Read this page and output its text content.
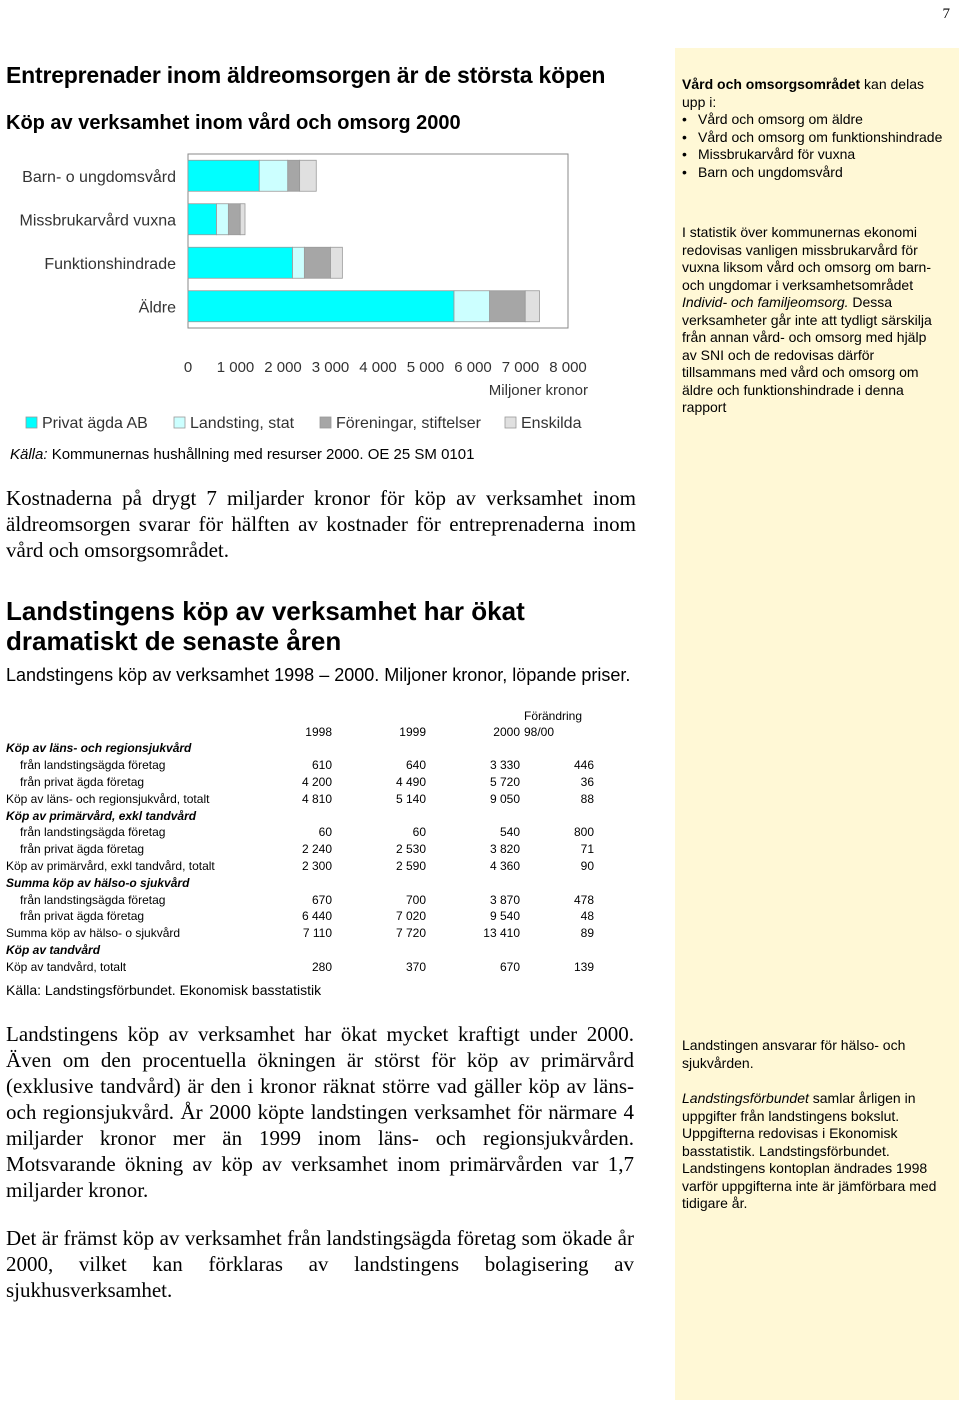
7
Entreprenader inom äldreomsorgen är de största köpen
Köp av verksamhet inom vård och omsorg 2000
Barn- o ungdomsvård
Missbrukarvård vuxna
Funktionshindrade
Äldre
0 1 000 2 000 3 000 4 000 5 000 6 000 7 000 8 000
Miljoner kronor
Privat ägda AB	Landsting, stat	Föreningar, stiftelser	Enskilda
Källa: Kommunernas hushållning med resurser 2000. OE 25 SM 0101
Kostnaderna på drygt 7 miljarder kronor för köp av verksamhet inom äldreomsorgen svarar för hälften av kostnader för entreprenaderna inom vård och omsorgsområdet.
Landstingens köp av verksamhet har ökat dramatiskt de senaste åren
Landstingens köp av verksamhet 1998 – 2000. Miljoner kronor, löpande priser.
				Förändring
	1998	1999	2000	98/00
Köp av läns- och regionsjukvård				
från landstingsägda företag	610	640	3 330	446
från privat ägda företag	4 200	4 490	5 720	36
Köp av läns- och regionsjukvård, totalt	4 810	5 140	9 050	88
Köp av primärvård, exkl tandvård				
från landstingsägda företag	60	60	540	800
från privat ägda företag	2 240	2 530	3 820	71
Köp av primärvård, exkl tandvård, totalt	2 300	2 590	4 360	90
Summa köp av hälso-o sjukvård				
från landstingsägda företag	670	700	3 870	478
från privat ägda företag	6 440	7 020	9 540	48
Summa köp av hälso- o sjukvård	7 110	7 720	13 410	89
Köp av tandvård				
Köp av tandvård, totalt	280	370	670	139
Källa: Landstingsförbundet. Ekonomisk basstatistik
Landstingens köp av verksamhet har ökat mycket kraftigt under 2000. Även om den procentuella ökningen är störst för köp av primärvård (exklusive tandvård) är den i kronor räknat större vad gäller köp av läns- och regionsjukvård. År 2000 köpte landstingen verksamhet för närmare 4 miljarder kronor mer än 1999 inom läns- och regionsjukvården. Motsvarande ökning av köp av verksamhet inom primärvården var 1,7 miljarder kronor.
Det är främst köp av verksamhet från landstingsägda företag som ökade år 2000, vilket kan förklaras av landstingens bolagisering av sjukhusverksamhet.
Vård och omsorgsområdet kan delas upp i:
• Vård och omsorg om äldre
• Vård och omsorg om funktionshindrade
• Missbrukarvård för vuxna
• Barn och ungdomsvård
I statistik över kommunernas ekonomi redovisas vanligen missbrukarvård för vuxna liksom vård och omsorg om barn- och ungdomar i verksamhetsområdet Individ- och familjeomsorg. Dessa verksamheter går inte att tydligt särskilja från annan vård- och omsorg med hjälp av SNI och de redovisas därför tillsammans med vård och omsorg om äldre och funktionshindrade i denna rapport
Landstingen ansvarar för hälso- och sjukvården.
Landstingsförbundet samlar årligen in uppgifter från landstingens bokslut. Uppgifterna redovisas i Ekonomisk basstatistik. Landstingsförbundet. Landstingens kontoplan ändrades 1998 varför uppgifterna inte är jämförbara med tidigare år.
